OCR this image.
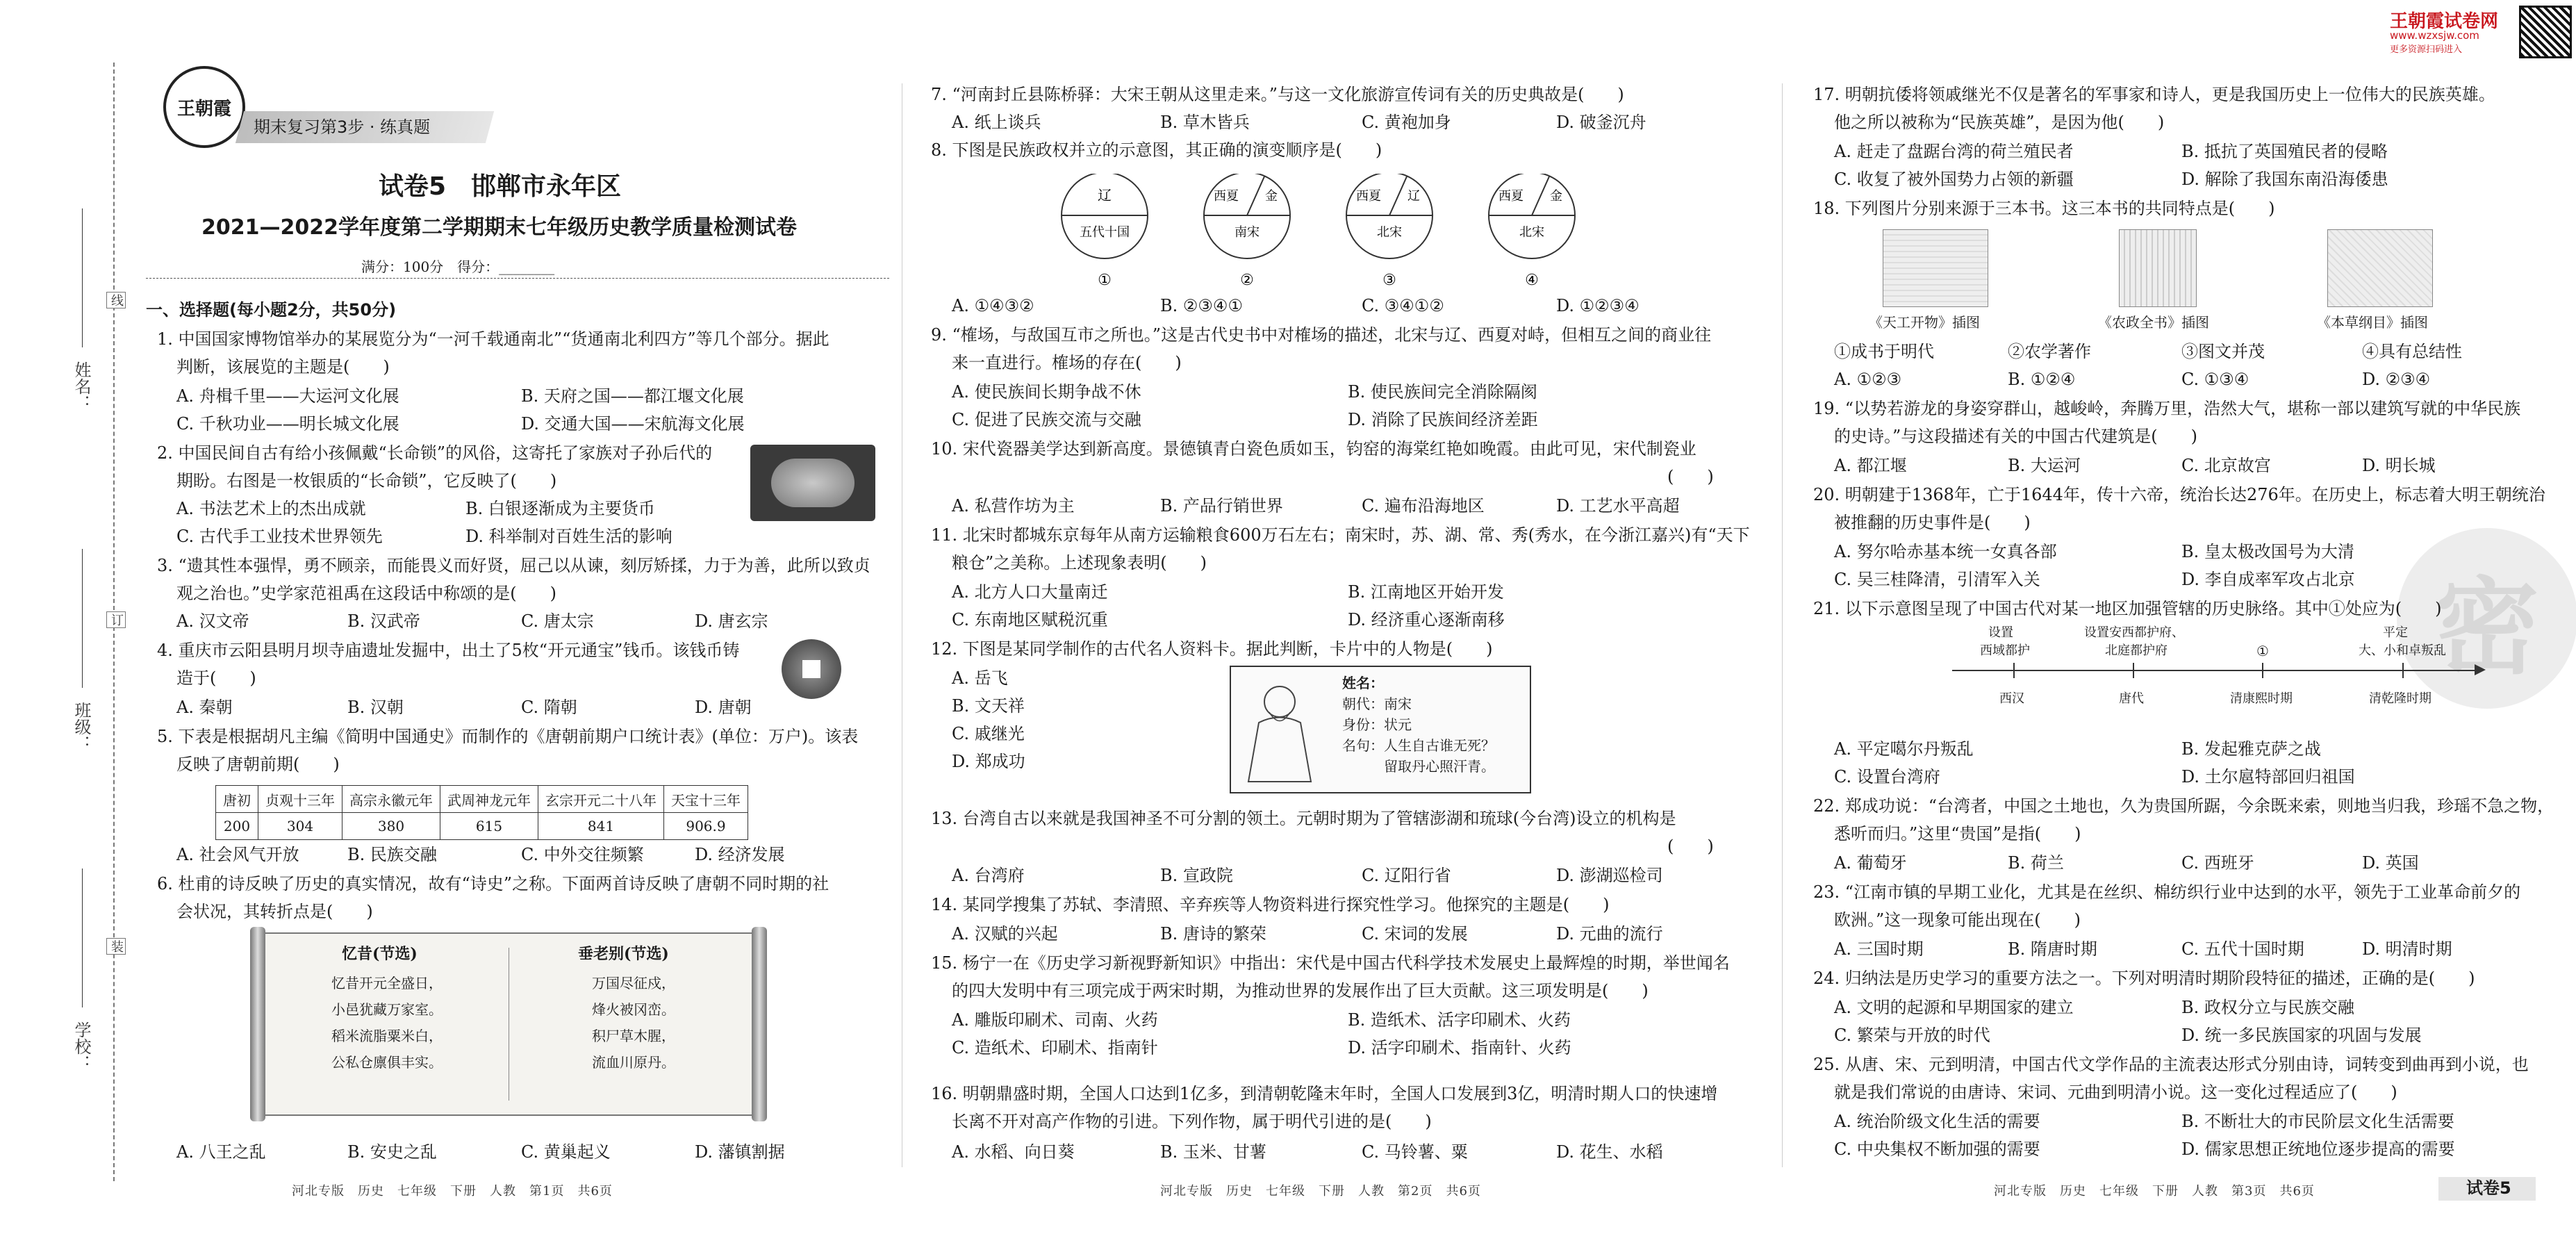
姓名：
班级：
学校：
线
订
装
王朝霞
期末复习第3步 · 练真题
试卷5　邯郸市永年区
2021—2022学年度第二学期期末七年级历史教学质量检测试卷
满分：100分　得分：________
王朝霞试卷网
www.wzxsjw.com
更多资源扫码进入
密
一、选择题(每小题2分，共50分)
1. 中国国家博物馆举办的某展览分为“一河千载通南北”“货通南北利四方”等几个部分。据此
判断，该展览的主题是(　　)
A. 舟楫千里——大运河文化展	B. 天府之国——都江堰文化展
C. 千秋功业——明长城文化展	D. 交通大国——宋航海文化展
2. 中国民间自古有给小孩佩戴“长命锁”的风俗，这寄托了家族对子孙后代的
期盼。右图是一枚银质的“长命锁”，它反映了(　　)
A. 书法艺术上的杰出成就	B. 白银逐渐成为主要货币
C. 古代手工业技术世界领先	D. 科举制对百姓生活的影响
3. “遗其性本强悍，勇不顾亲，而能畏义而好贤，屈己以从谏，刻厉矫揉，力于为善，此所以致贞
观之治也。”史学家范祖禹在这段话中称颂的是(　　)
A. 汉文帝	B. 汉武帝	C. 唐太宗	D. 唐玄宗
4. 重庆市云阳县明月坝寺庙遗址发掘中，出土了5枚“开元通宝”钱币。该钱币铸
造于(　　)
A. 秦朝	B. 汉朝	C. 隋朝	D. 唐朝
5. 下表是根据胡凡主编《简明中国通史》而制作的《唐朝前期户口统计表》(单位：万户)。该表
反映了唐朝前期(　　)
唐初	贞观十三年	高宗永徽元年	武周神龙元年	玄宗开元二十八年	天宝十三年
200	304	380	615	841	906.9
A. 社会风气开放	B. 民族交融	C. 中外交往频繁	D. 经济发展
6. 杜甫的诗反映了历史的真实情况，故有“诗史”之称。下面两首诗反映了唐朝不同时期的社
会状况，其转折点是(　　)
忆昔(节选)
忆昔开元全盛日，
小邑犹藏万家室。
稻米流脂粟米白，
公私仓廪俱丰实。
垂老别(节选)
万国尽征戍，
烽火被冈峦。
积尸草木腥，
流血川原丹。
A. 八王之乱	B. 安史之乱	C. 黄巢起义	D. 藩镇割据
河北专版　历史　七年级　下册　人教　第1页　共6页
7. “河南封丘县陈桥驿：大宋王朝从这里走来。”与这一文化旅游宣传词有关的历史典故是(　　)
A. 纸上谈兵	B. 草木皆兵	C. 黄袍加身	D. 破釜沉舟
8. 下图是民族政权并立的示意图，其正确的演变顺序是(　　)
辽
五代十国
①
西夏 金
南宋
②
西夏 辽
北宋
③
西夏 金
北宋
④
A. ①④③②	B. ②③④①	C. ③④①②	D. ①②③④
9. “榷场，与敌国互市之所也。”这是古代史书中对榷场的描述，北宋与辽、西夏对峙，但相互之间的商业往
来一直进行。榷场的存在(　　)
A. 使民族间长期争战不休	B. 使民族间完全消除隔阂
C. 促进了民族交流与交融	D. 消除了民族间经济差距
10. 宋代瓷器美学达到新高度。景德镇青白瓷色质如玉，钧窑的海棠红艳如晚霞。由此可见，宋代制瓷业
(　　)
A. 私营作坊为主	B. 产品行销世界	C. 遍布沿海地区	D. 工艺水平高超
11. 北宋时都城东京每年从南方运输粮食600万石左右；南宋时，苏、湖、常、秀(秀水，在今浙江嘉兴)有“天下
粮仓”之美称。上述现象表明(　　)
A. 北方人口大量南迁	B. 江南地区开始开发
C. 东南地区赋税沉重	D. 经济重心逐渐南移
12. 下图是某同学制作的古代名人资料卡。据此判断，卡片中的人物是(　　)
A. 岳飞
B. 文天祥
C. 戚继光
D. 郑成功
姓名：
朝代：南宋
身份：状元
名句：人生自古谁无死？
留取丹心照汗青。
13. 台湾自古以来就是我国神圣不可分割的领土。元朝时期为了管辖澎湖和琉球(今台湾)设立的机构是
(　　)
A. 台湾府	B. 宣政院	C. 辽阳行省	D. 澎湖巡检司
14. 某同学搜集了苏轼、李清照、辛弃疾等人物资料进行探究性学习。他探究的主题是(　　)
A. 汉赋的兴起	B. 唐诗的繁荣	C. 宋词的发展	D. 元曲的流行
15. 杨宁一在《历史学习新视野新知识》中指出：宋代是中国古代科学技术发展史上最辉煌的时期，举世闻名
的四大发明中有三项完成于两宋时期，为推动世界的发展作出了巨大贡献。这三项发明是(　　)
A. 雕版印刷术、司南、火药	B. 造纸术、活字印刷术、火药
C. 造纸术、印刷术、指南针	D. 活字印刷术、指南针、火药
16. 明朝鼎盛时期，全国人口达到1亿多，到清朝乾隆末年时，全国人口发展到3亿，明清时期人口的快速增
长离不开对高产作物的引进。下列作物，属于明代引进的是(　　)
A. 水稻、向日葵	B. 玉米、甘薯	C. 马铃薯、粟	D. 花生、水稻
河北专版　历史　七年级　下册　人教　第2页　共6页
17. 明朝抗倭将领戚继光不仅是著名的军事家和诗人，更是我国历史上一位伟大的民族英雄。
他之所以被称为“民族英雄”，是因为他(　　)
A. 赶走了盘踞台湾的荷兰殖民者	B. 抵抗了英国殖民者的侵略
C. 收复了被外国势力占领的新疆	D. 解除了我国东南沿海倭患
18. 下列图片分别来源于三本书。这三本书的共同特点是(　　)
《天工开物》插图	《农政全书》插图	《本草纲目》插图
①成书于明代	②农学著作	③图文并茂	④具有总结性
A. ①②③	B. ①②④	C. ①③④	D. ②③④
19. “以势若游龙的身姿穿群山，越峻岭，奔腾万里，浩然大气，堪称一部以建筑写就的中华民族
的史诗。”与这段描述有关的中国古代建筑是(　　)
A. 都江堰	B. 大运河	C. 北京故宫	D. 明长城
20. 明朝建于1368年，亡于1644年，传十六帝，统治长达276年。在历史上，标志着大明王朝统治
被推翻的历史事件是(　　)
A. 努尔哈赤基本统一女真各部	B. 皇太极改国号为大清
C. 吴三桂降清，引清军入关	D. 李自成率军攻占北京
21. 以下示意图呈现了中国古代对某一地区加强管辖的历史脉络。其中①处应为(　　)
设置
西域都护
设置安西都护府、
北庭都护府	①
平定
大、小和卓叛乱
西汉	唐代	清康熙时期	清乾隆时期
A. 平定噶尔丹叛乱	B. 发起雅克萨之战
C. 设置台湾府	D. 土尔扈特部回归祖国
22. 郑成功说：“台湾者，中国之土地也，久为贵国所踞，今余既来索，则地当归我，珍瑶不急之物，
悉听而归。”这里“贵国”是指(　　)
A. 葡萄牙	B. 荷兰	C. 西班牙	D. 英国
23. “江南市镇的早期工业化，尤其是在丝织、棉纺织行业中达到的水平，领先于工业革命前夕的
欧洲。”这一现象可能出现在(　　)
A. 三国时期	B. 隋唐时期	C. 五代十国时期	D. 明清时期
24. 归纳法是历史学习的重要方法之一。下列对明清时期阶段特征的描述，正确的是(　　)
A. 文明的起源和早期国家的建立	B. 政权分立与民族交融
C. 繁荣与开放的时代	D. 统一多民族国家的巩固与发展
25. 从唐、宋、元到明清，中国古代文学作品的主流表达形式分别由诗，词转变到曲再到小说，也
就是我们常说的由唐诗、宋词、元曲到明清小说。这一变化过程适应了(　　)
A. 统治阶级文化生活的需要	B. 不断壮大的市民阶层文化生活需要
C. 中央集权不断加强的需要	D. 儒家思想正统地位逐步提高的需要
河北专版　历史　七年级　下册　人教　第3页　共6页	试卷5
